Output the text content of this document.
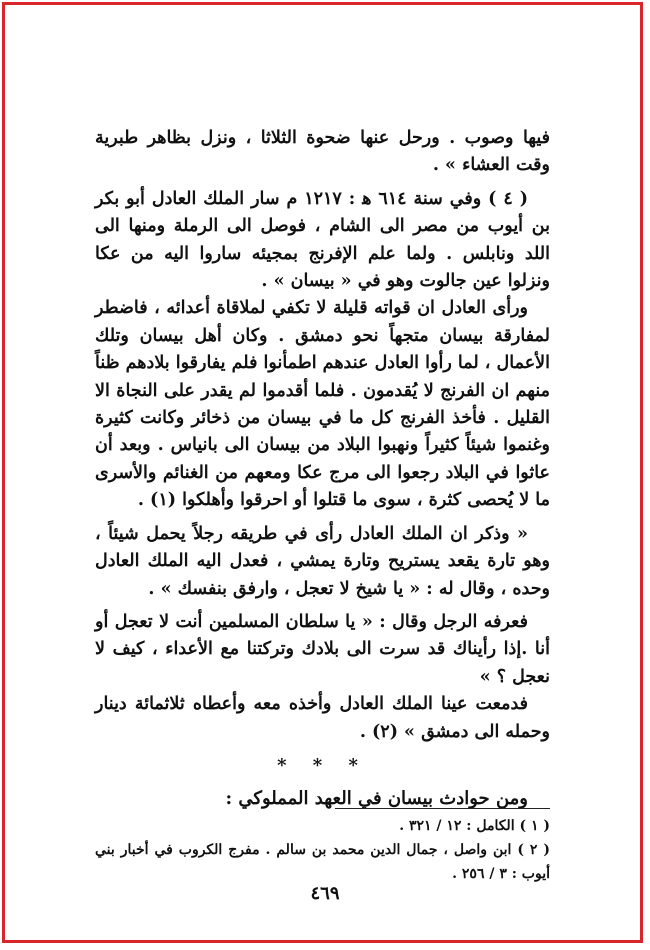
فيها وصوب . ورحل عنها ضحوة الثلاثا ، ونزل بظاهر طبرية وقت العشاء » .

( ٤ ) وفي سنة ٦١٤ ﻫ : ١٢١٧ م سار الملك العادل أبو بكر بن أيوب من مصر الى الشام ، فوصل الى الرملة ومنها الى اللد ونابلس . ولما علم الإفرنج بمجيئه ساروا اليه من عكا ونزلوا عين جالوت وهو في « بيسان » .

ورأى العادل ان قواته قليلة لا تكفي لملاقاة أعدائه ، فاضطر لمفارقة بيسان متجهاً نحو دمشق . وكان أهل بيسان وتلك الأعمال ، لما رأوا العادل عندهم اطمأنوا فلم يفارقوا بلادهم ظناً منهم ان الفرنج لا يُقدمون . فلما أقدموا لم يقدر على النجاة الا القليل . فأخذ الفرنج كل ما في بيسان من ذخائر وكانت كثيرة وغنموا شيئاً كثيراً ونهبوا البلاد من بيسان الى بانياس . وبعد أن عاثوا في البلاد رجعوا الى مرج عكا ومعهم من الغنائم والأسرى ما لا يُحصى كثرة ، سوى ما قتلوا أو احرقوا وأهلكوا (١) .

« وذكر ان الملك العادل رأى في طريقه رجلاً يحمل شيئاً ، وهو تارة يقعد يستريح وتارة يمشي ، فعدل اليه الملك العادل وحده ، وقال له : « يا شيخ لا تعجل ، وارفق بنفسك » .

فعرفه الرجل وقال : « يا سلطان المسلمين أنت لا تعجل أو أنا .إذا رأيناك قد سرت الى بلادك وتركتنا مع الأعداء ، كيف لا نعجل ؟ »

فدمعت عينا الملك العادل وأخذه معه وأعطاه ثلاثمائة دينار وحمله الى دمشق » (٢) .

* * *

ومن حوادث بيسان في العهد المملوكي :

( ١ ) الكامل : ١٢ / ٣٢١ .

( ٢ ) ابن واصل ، جمال الدين محمد بن سالم . مفرج الكروب في أخبار بني أيوب : ٣ / ٢٥٦ .

٤٦٩
